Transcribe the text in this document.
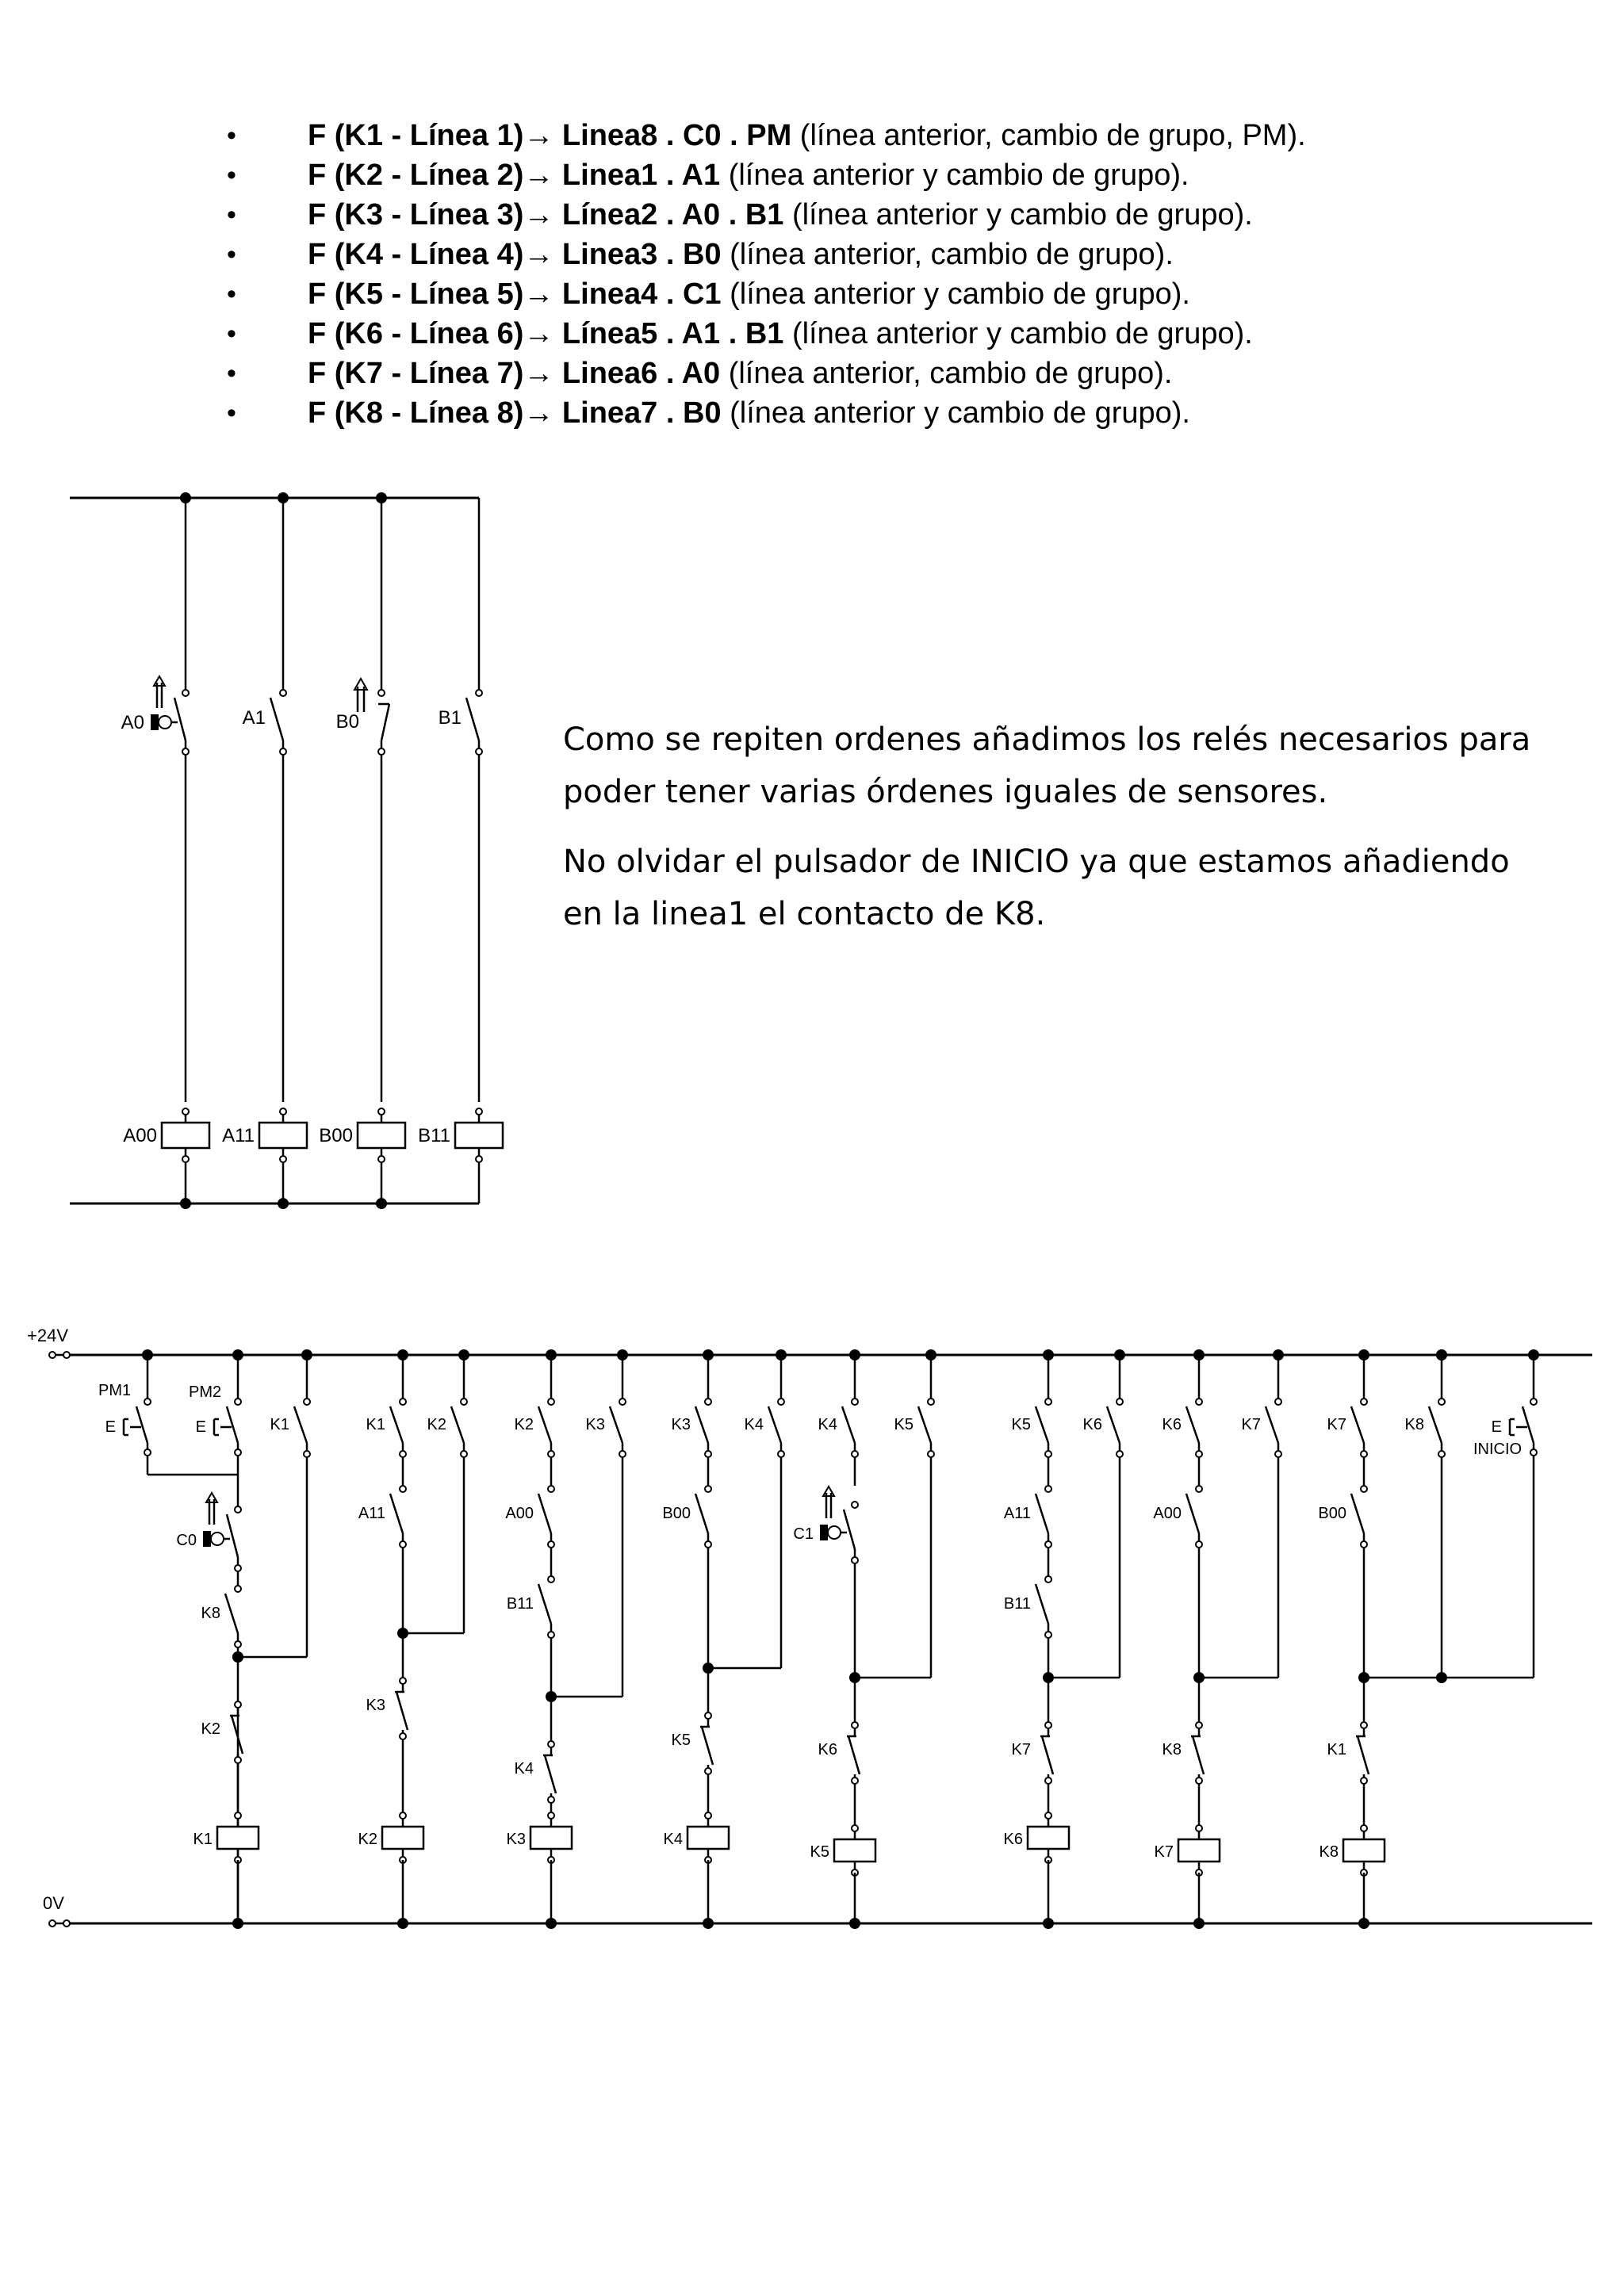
• F (K1 - Línea 1)→ Linea8 . C0 . PM (línea anterior, cambio de grupo, PM).
• F (K2 - Línea 2)→ Linea1 . A1 (línea anterior y cambio de grupo).
• F (K3 - Línea 3)→ Línea2 . A0 . B1 (línea anterior y cambio de grupo).
• F (K4 - Línea 4)→ Linea3 . B0 (línea anterior, cambio de grupo).
• F (K5 - Línea 5)→ Linea4 . C1 (línea anterior y cambio de grupo).
• F (K6 - Línea 6)→ Línea5 . A1 . B1 (línea anterior y cambio de grupo).
• F (K7 - Línea 7)→ Linea6 . A0 (línea anterior, cambio de grupo).
• F (K8 - Línea 8)→ Linea7 . B0 (línea anterior y cambio de grupo).

Como se repiten ordenes añadimos los relés necesarios para poder tener varias órdenes iguales de sensores.

No olvidar el pulsador de INICIO ya que estamos añadiendo en la linea1 el contacto de K8.

A0
A00
A1
A11
B0
B00
B1
B11
+24V
0V
E
PM1
E
PM2
C0
K8
K1
K2
K1
K1	K2
A11
K3
K2
K2	K3
A00
B11
K4
K3
K3	K4
B00
K5
K4
K4	K5
C1
K6
K5
K5	K6
A11
B11
K7
K6
K6	K7
A00
K8
K7
K7	K8
B00
K1
K8
E
INICIO
